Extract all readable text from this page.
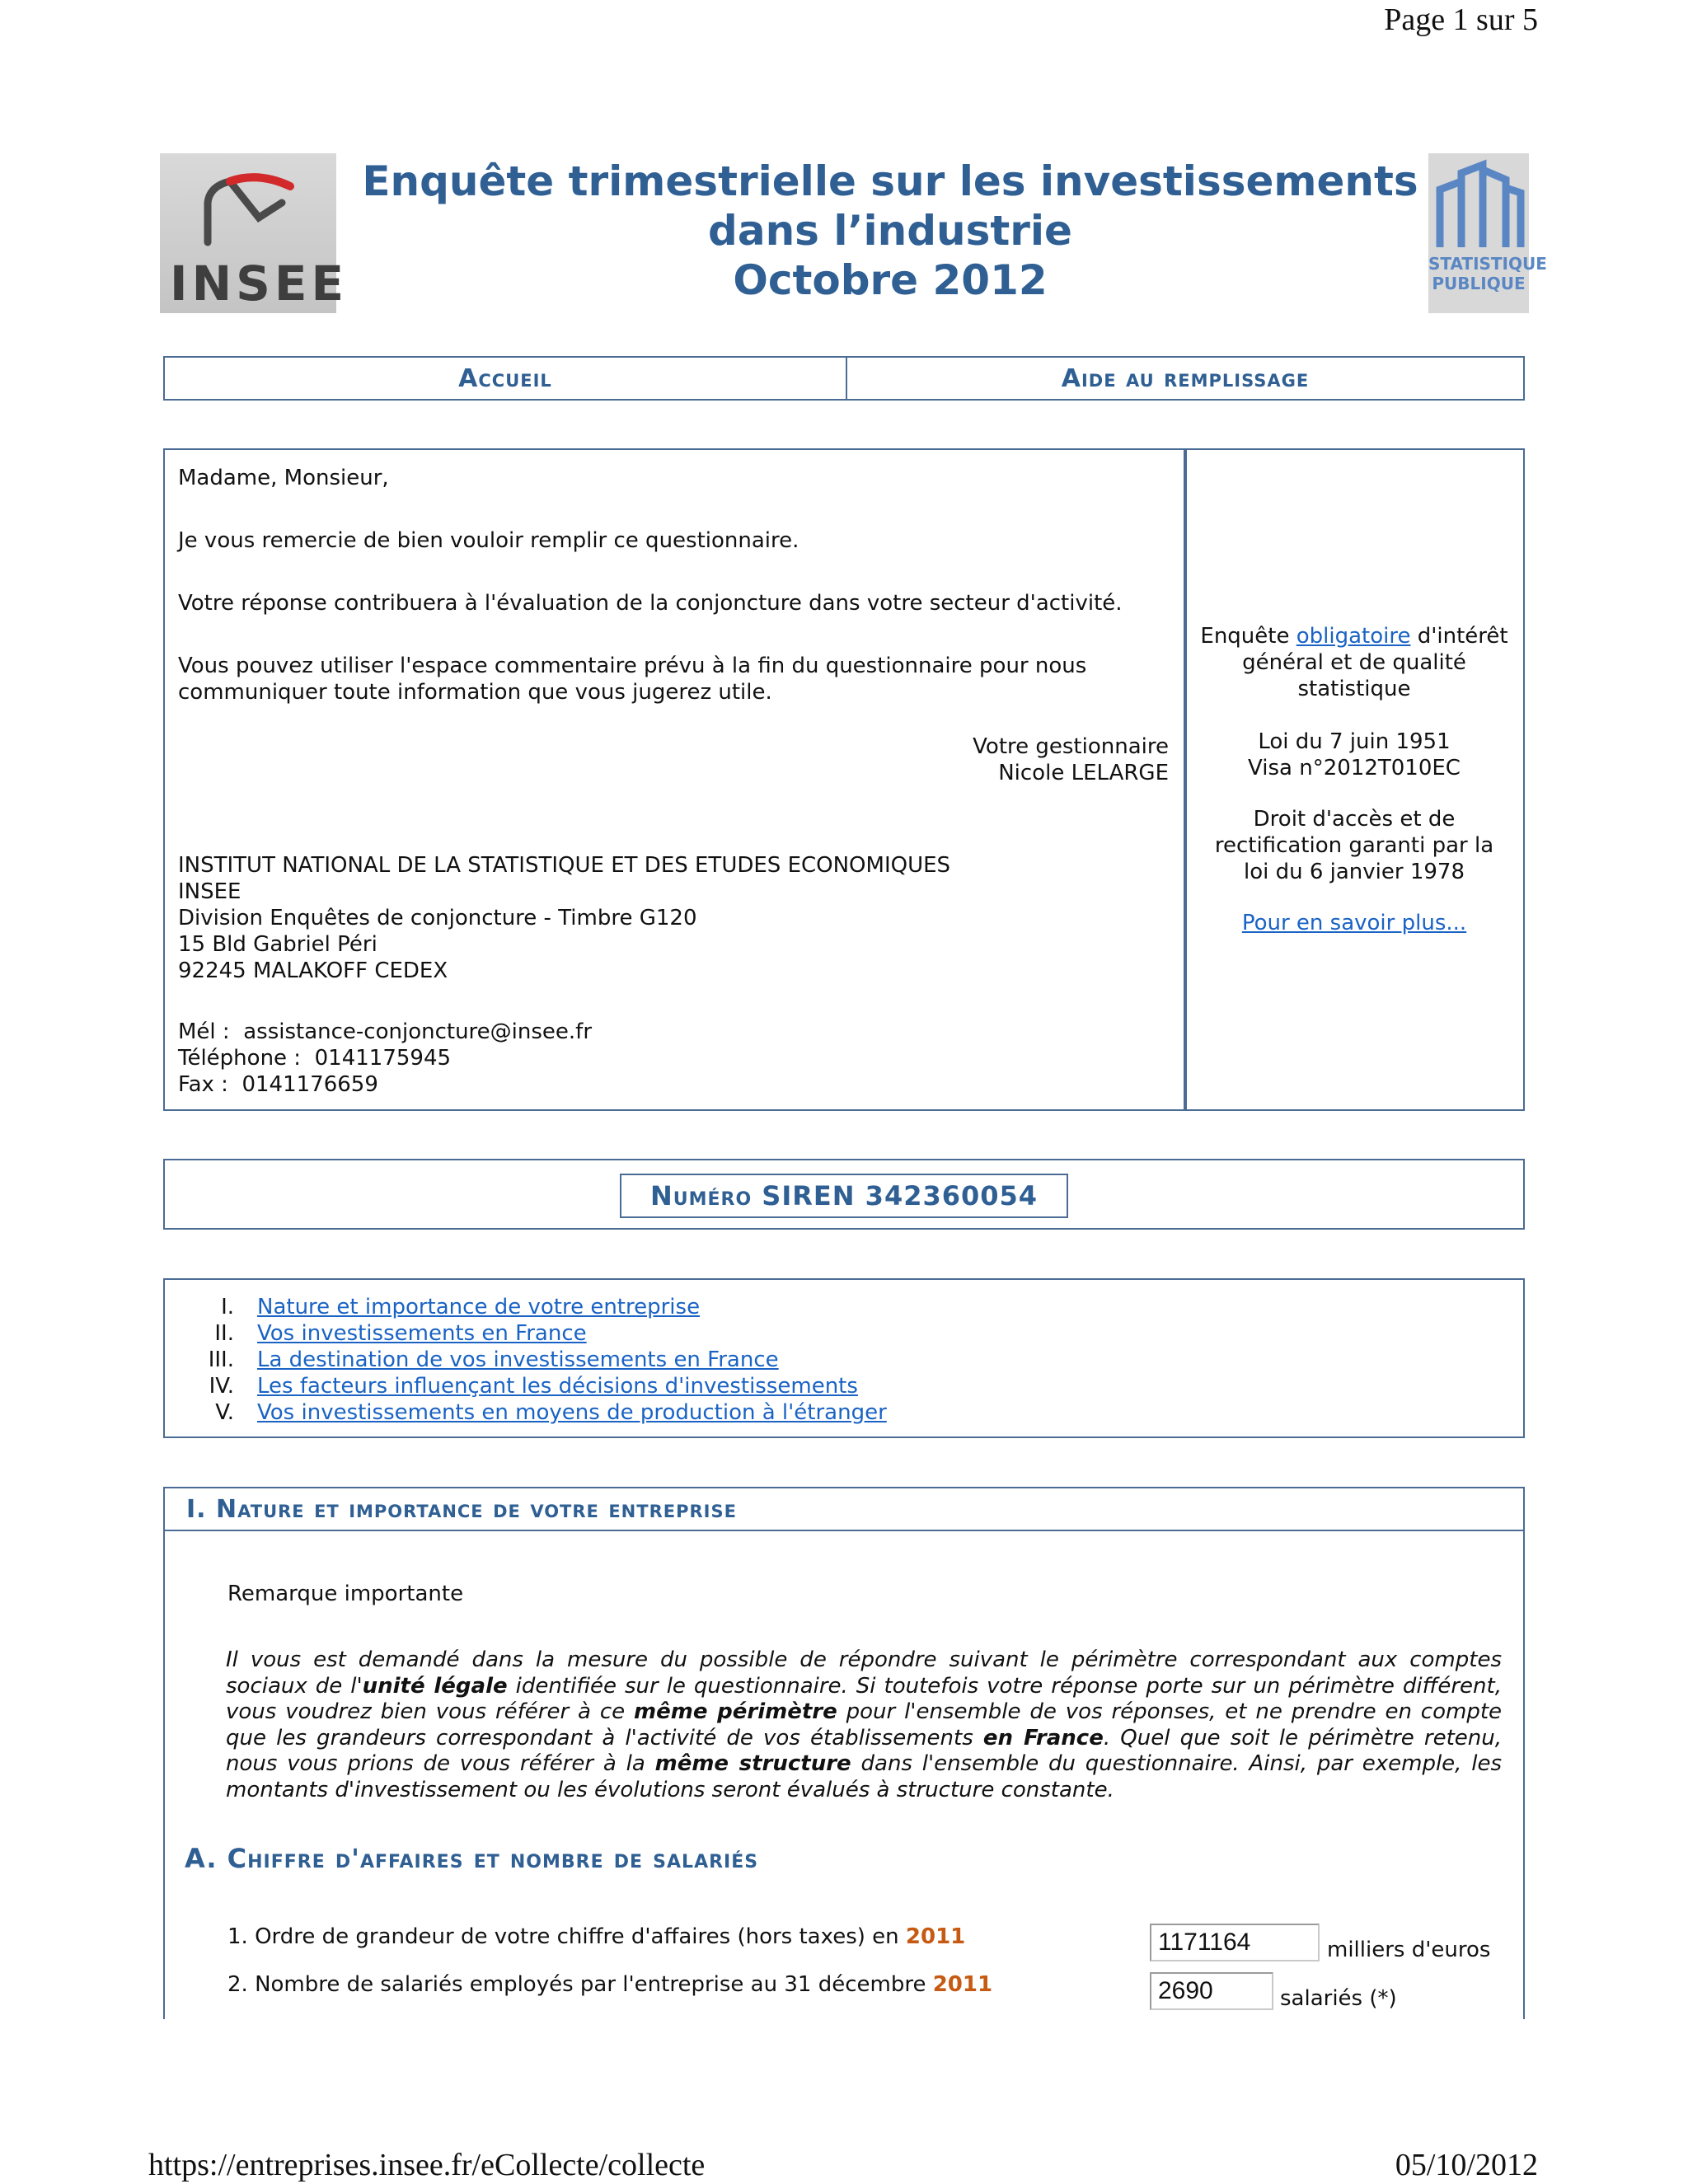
Page 1 sur 5
INSEE
Enquête trimestrielle sur les investissements
dans l’industrie
Octobre 2012	STATISTIQUE
PUBLIQUE
Accueil	Aide au remplissage
Madame, Monsieur,
Je vous remercie de bien vouloir remplir ce questionnaire.
Votre réponse contribuera à l'évaluation de la conjoncture dans votre secteur d'activité.
Vous pouvez utiliser l'espace commentaire prévu à la fin du questionnaire pour nous
communiquer toute information que vous jugerez utile.
Votre gestionnaire
Nicole LELARGE
INSTITUT NATIONAL DE LA STATISTIQUE ET DES ETUDES ECONOMIQUES
INSEE
Division Enquêtes de conjoncture - Timbre G120
15 Bld Gabriel Péri
92245 MALAKOFF CEDEX
Mél : assistance-conjoncture@insee.fr
Téléphone : 0141175945
Fax : 0141176659
Enquête obligatoire d'intérêt
général et de qualité
statistique
Loi du 7 juin 1951
Visa n°2012T010EC
Droit d'accès et de
rectification garanti par la
loi du 6 janvier 1978
Pour en savoir plus...
Numéro SIREN 342360054
I. Nature et importance de votre entreprise
II. Vos investissements en France
III. La destination de vos investissements en France
IV. Les facteurs influençant les décisions d'investissements
V. Vos investissements en moyens de production à l'étranger
I. Nature et importance de votre entreprise
Remarque importante
Il vous est demandé dans la mesure du possible de répondre suivant le périmètre correspondant aux comptes
sociaux de l'unité légale identifiée sur le questionnaire. Si toutefois votre réponse porte sur un périmètre différent,
vous voudrez bien vous référer à ce même périmètre pour l'ensemble de vos réponses, et ne prendre en compte
que les grandeurs correspondant à l'activité de vos établissements en France. Quel que soit le périmètre retenu,
nous vous prions de vous référer à la même structure dans l'ensemble du questionnaire. Ainsi, par exemple, les
montants d'investissement ou les évolutions seront évalués à structure constante.
A. Chiffre d'affaires et nombre de salariés
1. Ordre de grandeur de votre chiffre d'affaires (hors taxes) en 2011
1171164
milliers d'euros
2. Nombre de salariés employés par l'entreprise au 31 décembre 2011
2690
salariés (*)
https://entreprises.insee.fr/eCollecte/collecte	05/10/2012
